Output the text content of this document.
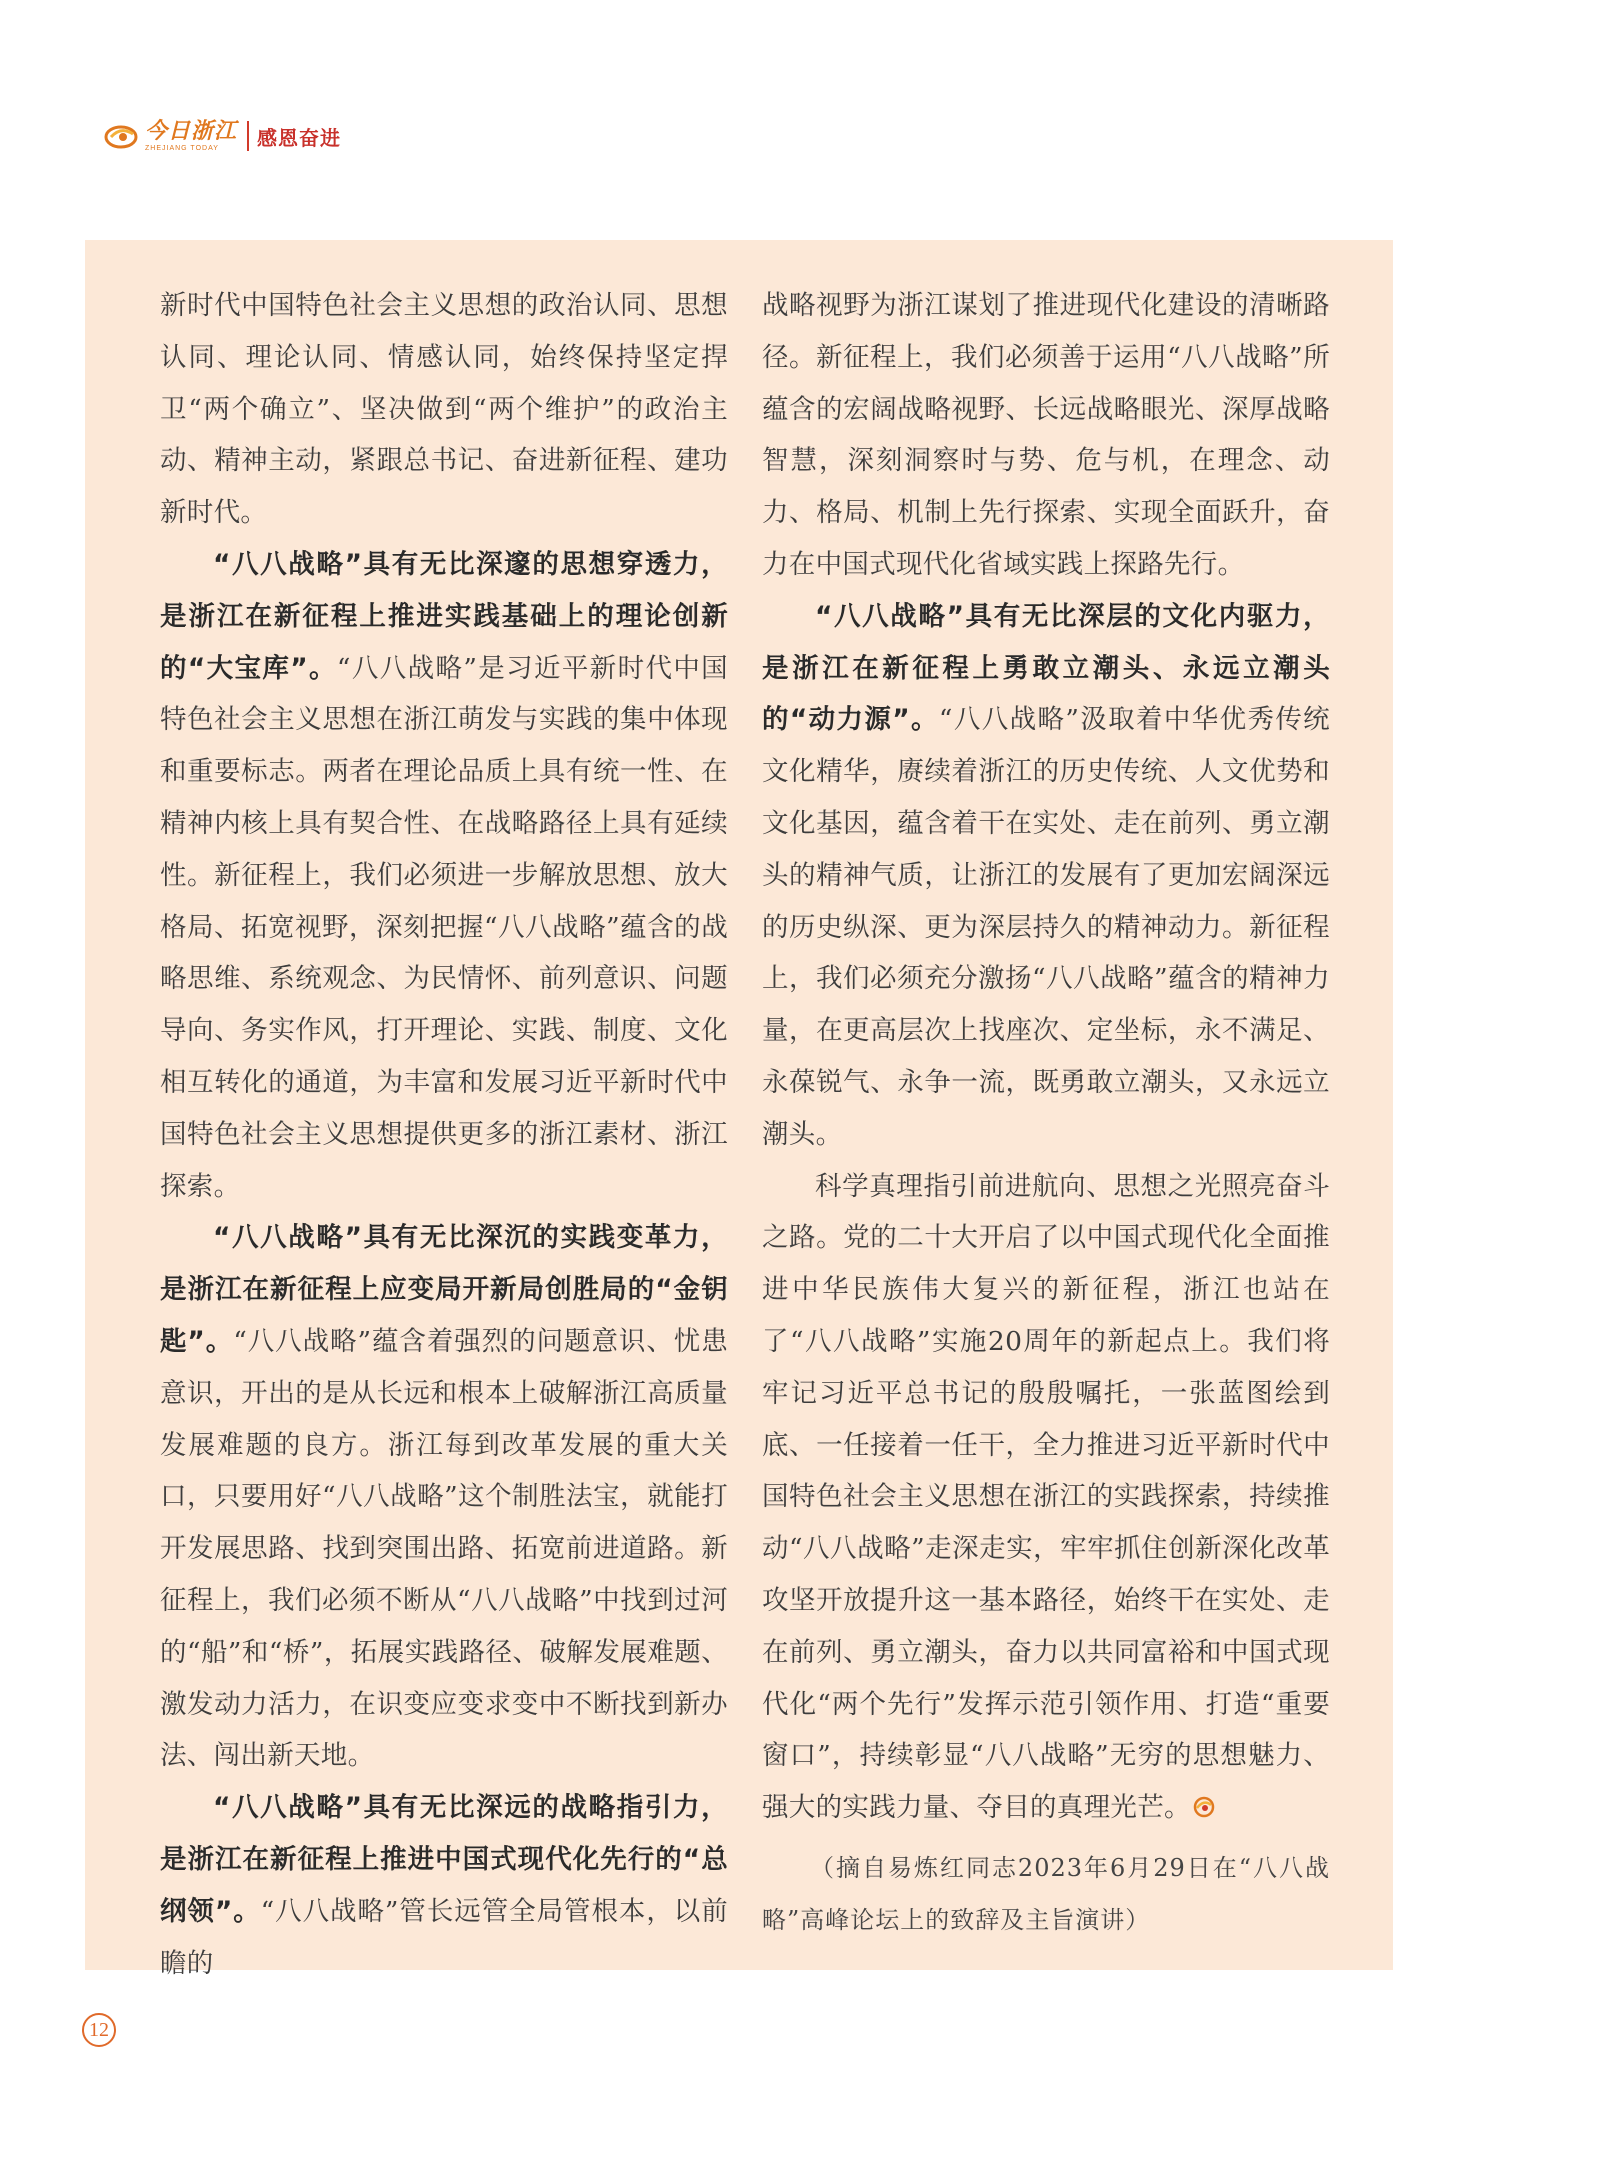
今日浙江
ZHEJIANG TODAY	感恩奋进

新时代中国特色社会主义思想的政治认同、思想认同、理论认同、情感认同，始终保持坚定捍卫“两个确立”、坚决做到“两个维护”的政治主动、精神主动，紧跟总书记、奋进新征程、建功新时代。

“八八战略”具有无比深邃的思想穿透力，是浙江在新征程上推进实践基础上的理论创新的“大宝库”。“八八战略”是习近平新时代中国特色社会主义思想在浙江萌发与实践的集中体现和重要标志。两者在理论品质上具有统一性、在精神内核上具有契合性、在战略路径上具有延续性。新征程上，我们必须进一步解放思想、放大格局、拓宽视野，深刻把握“八八战略”蕴含的战略思维、系统观念、为民情怀、前列意识、问题导向、务实作风，打开理论、实践、制度、文化相互转化的通道，为丰富和发展习近平新时代中国特色社会主义思想提供更多的浙江素材、浙江探索。

“八八战略”具有无比深沉的实践变革力，是浙江在新征程上应变局开新局创胜局的“金钥匙”。“八八战略”蕴含着强烈的问题意识、忧患意识，开出的是从长远和根本上破解浙江高质量发展难题的良方。浙江每到改革发展的重大关口，只要用好“八八战略”这个制胜法宝，就能打开发展思路、找到突围出路、拓宽前进道路。新征程上，我们必须不断从“八八战略”中找到过河的“船”和“桥”，拓展实践路径、破解发展难题、激发动力活力，在识变应变求变中不断找到新办法、闯出新天地。

“八八战略”具有无比深远的战略指引力，是浙江在新征程上推进中国式现代化先行的“总纲领”。“八八战略”管长远管全局管根本，以前瞻的

战略视野为浙江谋划了推进现代化建设的清晰路径。新征程上，我们必须善于运用“八八战略”所蕴含的宏阔战略视野、长远战略眼光、深厚战略智慧，深刻洞察时与势、危与机，在理念、动力、格局、机制上先行探索、实现全面跃升，奋力在中国式现代化省域实践上探路先行。

“八八战略”具有无比深层的文化内驱力，是浙江在新征程上勇敢立潮头、永远立潮头的“动力源”。“八八战略”汲取着中华优秀传统文化精华，赓续着浙江的历史传统、人文优势和文化基因，蕴含着干在实处、走在前列、勇立潮头的精神气质，让浙江的发展有了更加宏阔深远的历史纵深、更为深层持久的精神动力。新征程上，我们必须充分激扬“八八战略”蕴含的精神力量，在更高层次上找座次、定坐标，永不满足、永葆锐气、永争一流，既勇敢立潮头，又永远立潮头。

科学真理指引前进航向、思想之光照亮奋斗之路。党的二十大开启了以中国式现代化全面推进中华民族伟大复兴的新征程，浙江也站在了“八八战略”实施20周年的新起点上。我们将牢记习近平总书记的殷殷嘱托，一张蓝图绘到底、一任接着一任干，全力推进习近平新时代中国特色社会主义思想在浙江的实践探索，持续推动“八八战略”走深走实，牢牢抓住创新深化改革攻坚开放提升这一基本路径，始终干在实处、走在前列、勇立潮头，奋力以共同富裕和中国式现代化“两个先行”发挥示范引领作用、打造“重要窗口”，持续彰显“八八战略”无穷的思想魅力、强大的实践力量、夺目的真理光芒。

（摘自易炼红同志2023年6月29日在“八八战略”高峰论坛上的致辞及主旨演讲）

12
